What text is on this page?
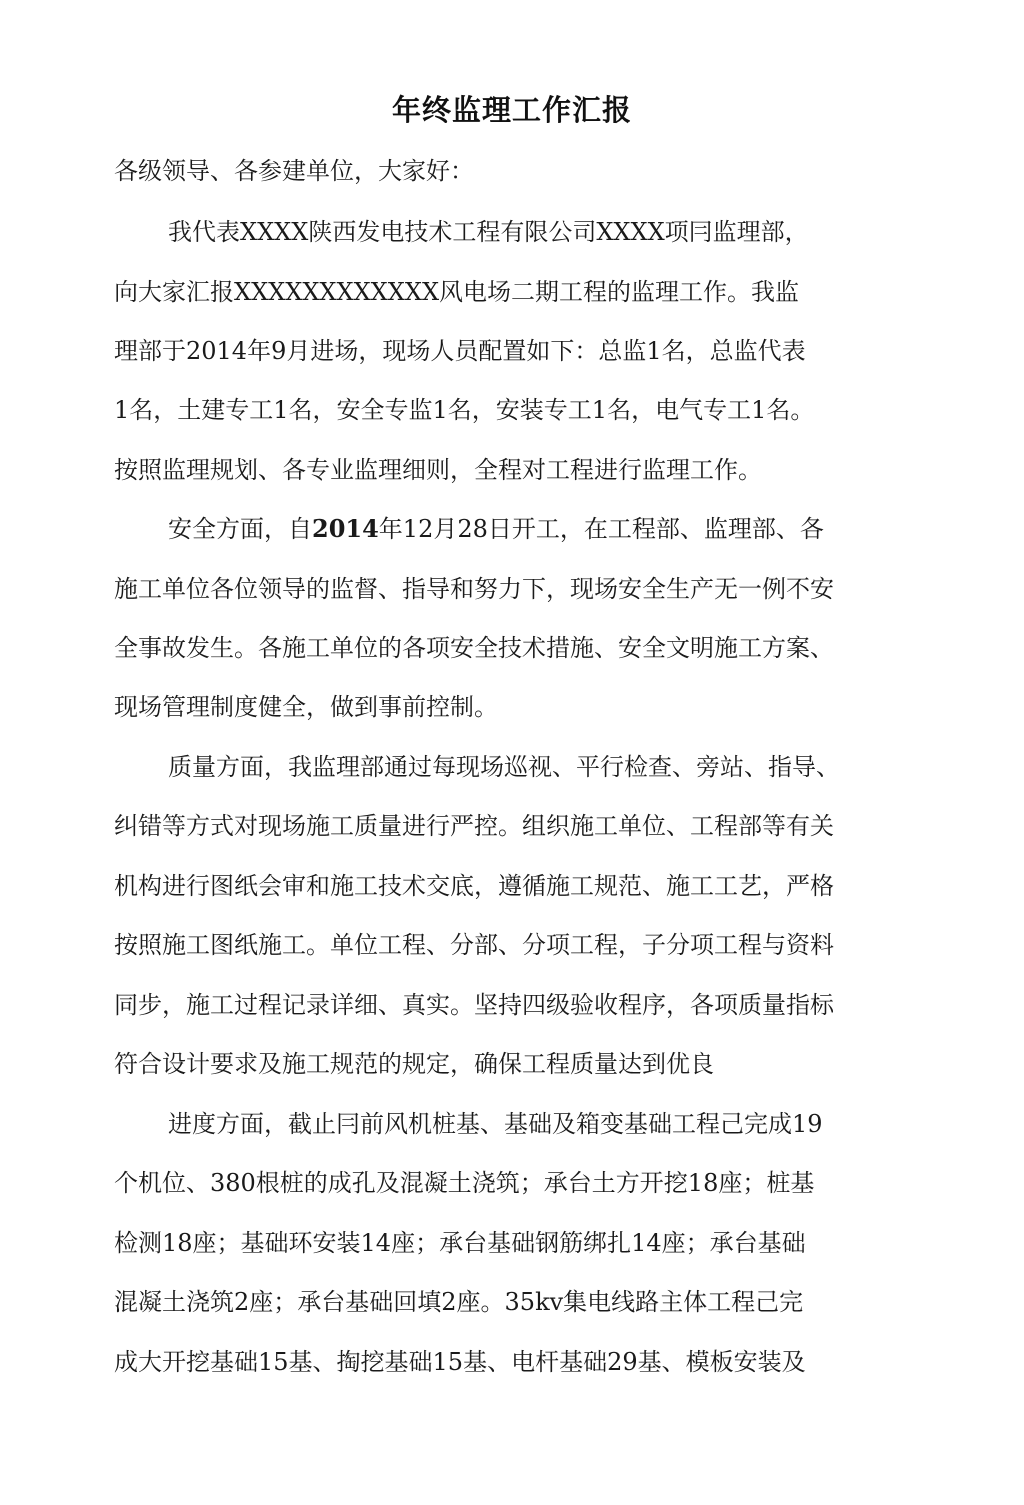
年终监理工作汇报
各级领导、各参建单位，大家好：
我代表XXXX陕西发电技术工程有限公司XXXX项冃监理部，
向大家汇报XXXXXXXXXXXX风电场二期工程的监理工作。我监
理部于2014年9月进场，现场人员配置如下：总监1名，总监代表
1名，土建专工1名，安全专监1名，安装专工1名，电气专工1名。
按照监理规划、各专业监理细则，全程对工程进行监理工作。
安全方面，自2014年12月28日开工，在工程部、监理部、各
施工单位各位领导的监督、指导和努力下，现场安全生产无一例不安
全事故发生。各施工单位的各项安全技术措施、安全文明施工方案、
现场管理制度健全，做到事前控制。
质量方面，我监理部通过每现场巡视、平行检查、旁站、指导、
纠错等方式对现场施工质量进行严控。组织施工单位、工程部等有关
机构进行图纸会审和施工技术交底，遵循施工规范、施工工艺，严格
按照施工图纸施工。单位工程、分部、分项工程，子分项工程与资料
同步，施工过程记录详细、真实。坚持四级验收程序，各项质量指标
符合设计要求及施工规范的规定，确保工程质量达到优良
进度方面，截止冃前风机桩基、基础及箱变基础工程己完成19
个机位、380根桩的成孔及混凝土浇筑；承台土方开挖18座；桩基
检测18座；基础环安装14座；承台基础钢筋绑扎14座；承台基础
混凝土浇筑2座；承台基础回填2座。35kv集电线路主体工程己完
成大开挖基础15基、掏挖基础15基、电杆基础29基、模板安装及
